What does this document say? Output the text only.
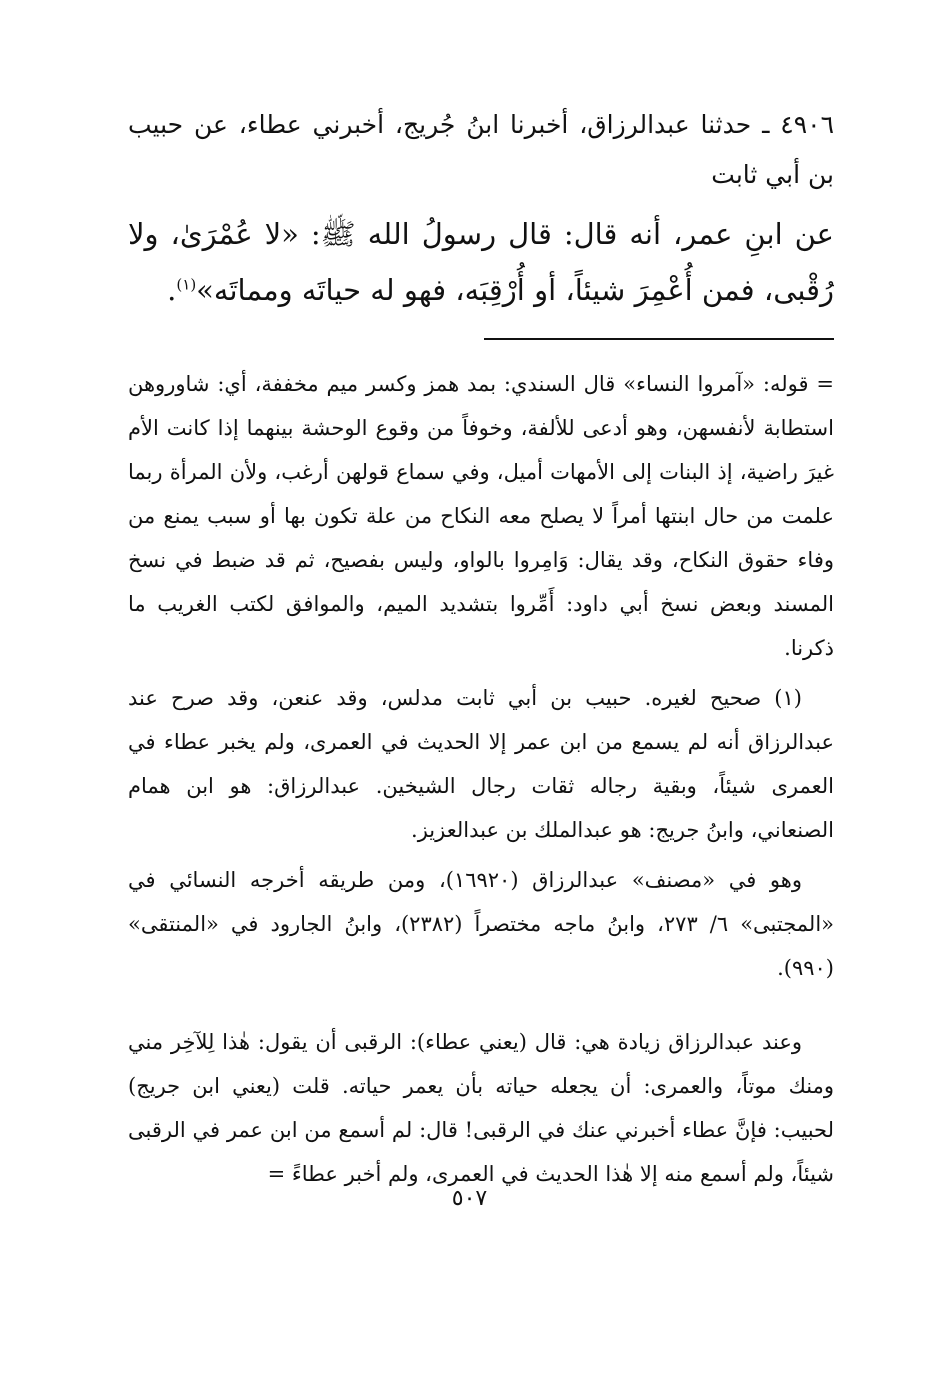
٤٩٠٦ ـ حدثنا عبدالرزاق، أخبرنا ابنُ جُريج، أخبرني عطاء، عن حبيب بن أبي ثابت

عن ابنِ عمر، أنه قال: قال رسولُ الله ﷺ: «لا عُمْرَىٰ، ولا رُقْبى، فمن أُعْمِرَ شيئاً، أو أُرْقِبَه، فهو له حياتَه ومماتَه»$^{(١)}$.

= قوله: «آمروا النساء» قال السندي: بمد همز وكسر ميم مخففة، أي: شاوروهن استطابة لأنفسهن، وهو أدعى للألفة، وخوفاً من وقوع الوحشة بينهما إذا كانت الأم غيرَ راضية، إذ البنات إلى الأمهات أميل، وفي سماع قولهن أرغب، ولأن المرأة ربما علمت من حال ابنتها أمراً لا يصلح معه النكاح من علة تكون بها أو سبب يمنع من وفاء حقوق النكاح، وقد يقال: وَامِروا بالواو، وليس بفصيح، ثم قد ضبط في نسخ المسند وبعض نسخ أبي داود: أَمِّروا بتشديد الميم، والموافق لكتب الغريب ما ذكرنا.

(١) صحيح لغيره. حبيب بن أبي ثابت مدلس، وقد عنعن، وقد صرح عند عبدالرزاق أنه لم يسمع من ابن عمر إلا الحديث في العمرى، ولم يخبر عطاء في العمرى شيئاً، وبقية رجاله ثقات رجال الشيخين. عبدالرزاق: هو ابن همام الصنعاني، وابنُ جريج: هو عبدالملك بن عبدالعزيز.

وهو في «مصنف» عبدالرزاق (١٦٩٢٠)، ومن طريقه أخرجه النسائي في «المجتبى» ٦/ ٢٧٣، وابنُ ماجه مختصراً (٢٣٨٢)، وابنُ الجارود في «المنتقى» (٩٩٠).

وعند عبدالرزاق زيادة هي: قال (يعني عطاء): الرقبى أن يقول: هٰذا لِلآخِر مني ومنك موتاً، والعمرى: أن يجعله حياته بأن يعمر حياته. قلت (يعني ابن جريج) لحبيب: فإنَّ عطاء أخبرني عنك في الرقبى! قال: لم أسمع من ابن عمر في الرقبى شيئاً، ولم أسمع منه إلا هٰذا الحديث في العمرى، ولم أخبر عطاءً =

٥٠٧
